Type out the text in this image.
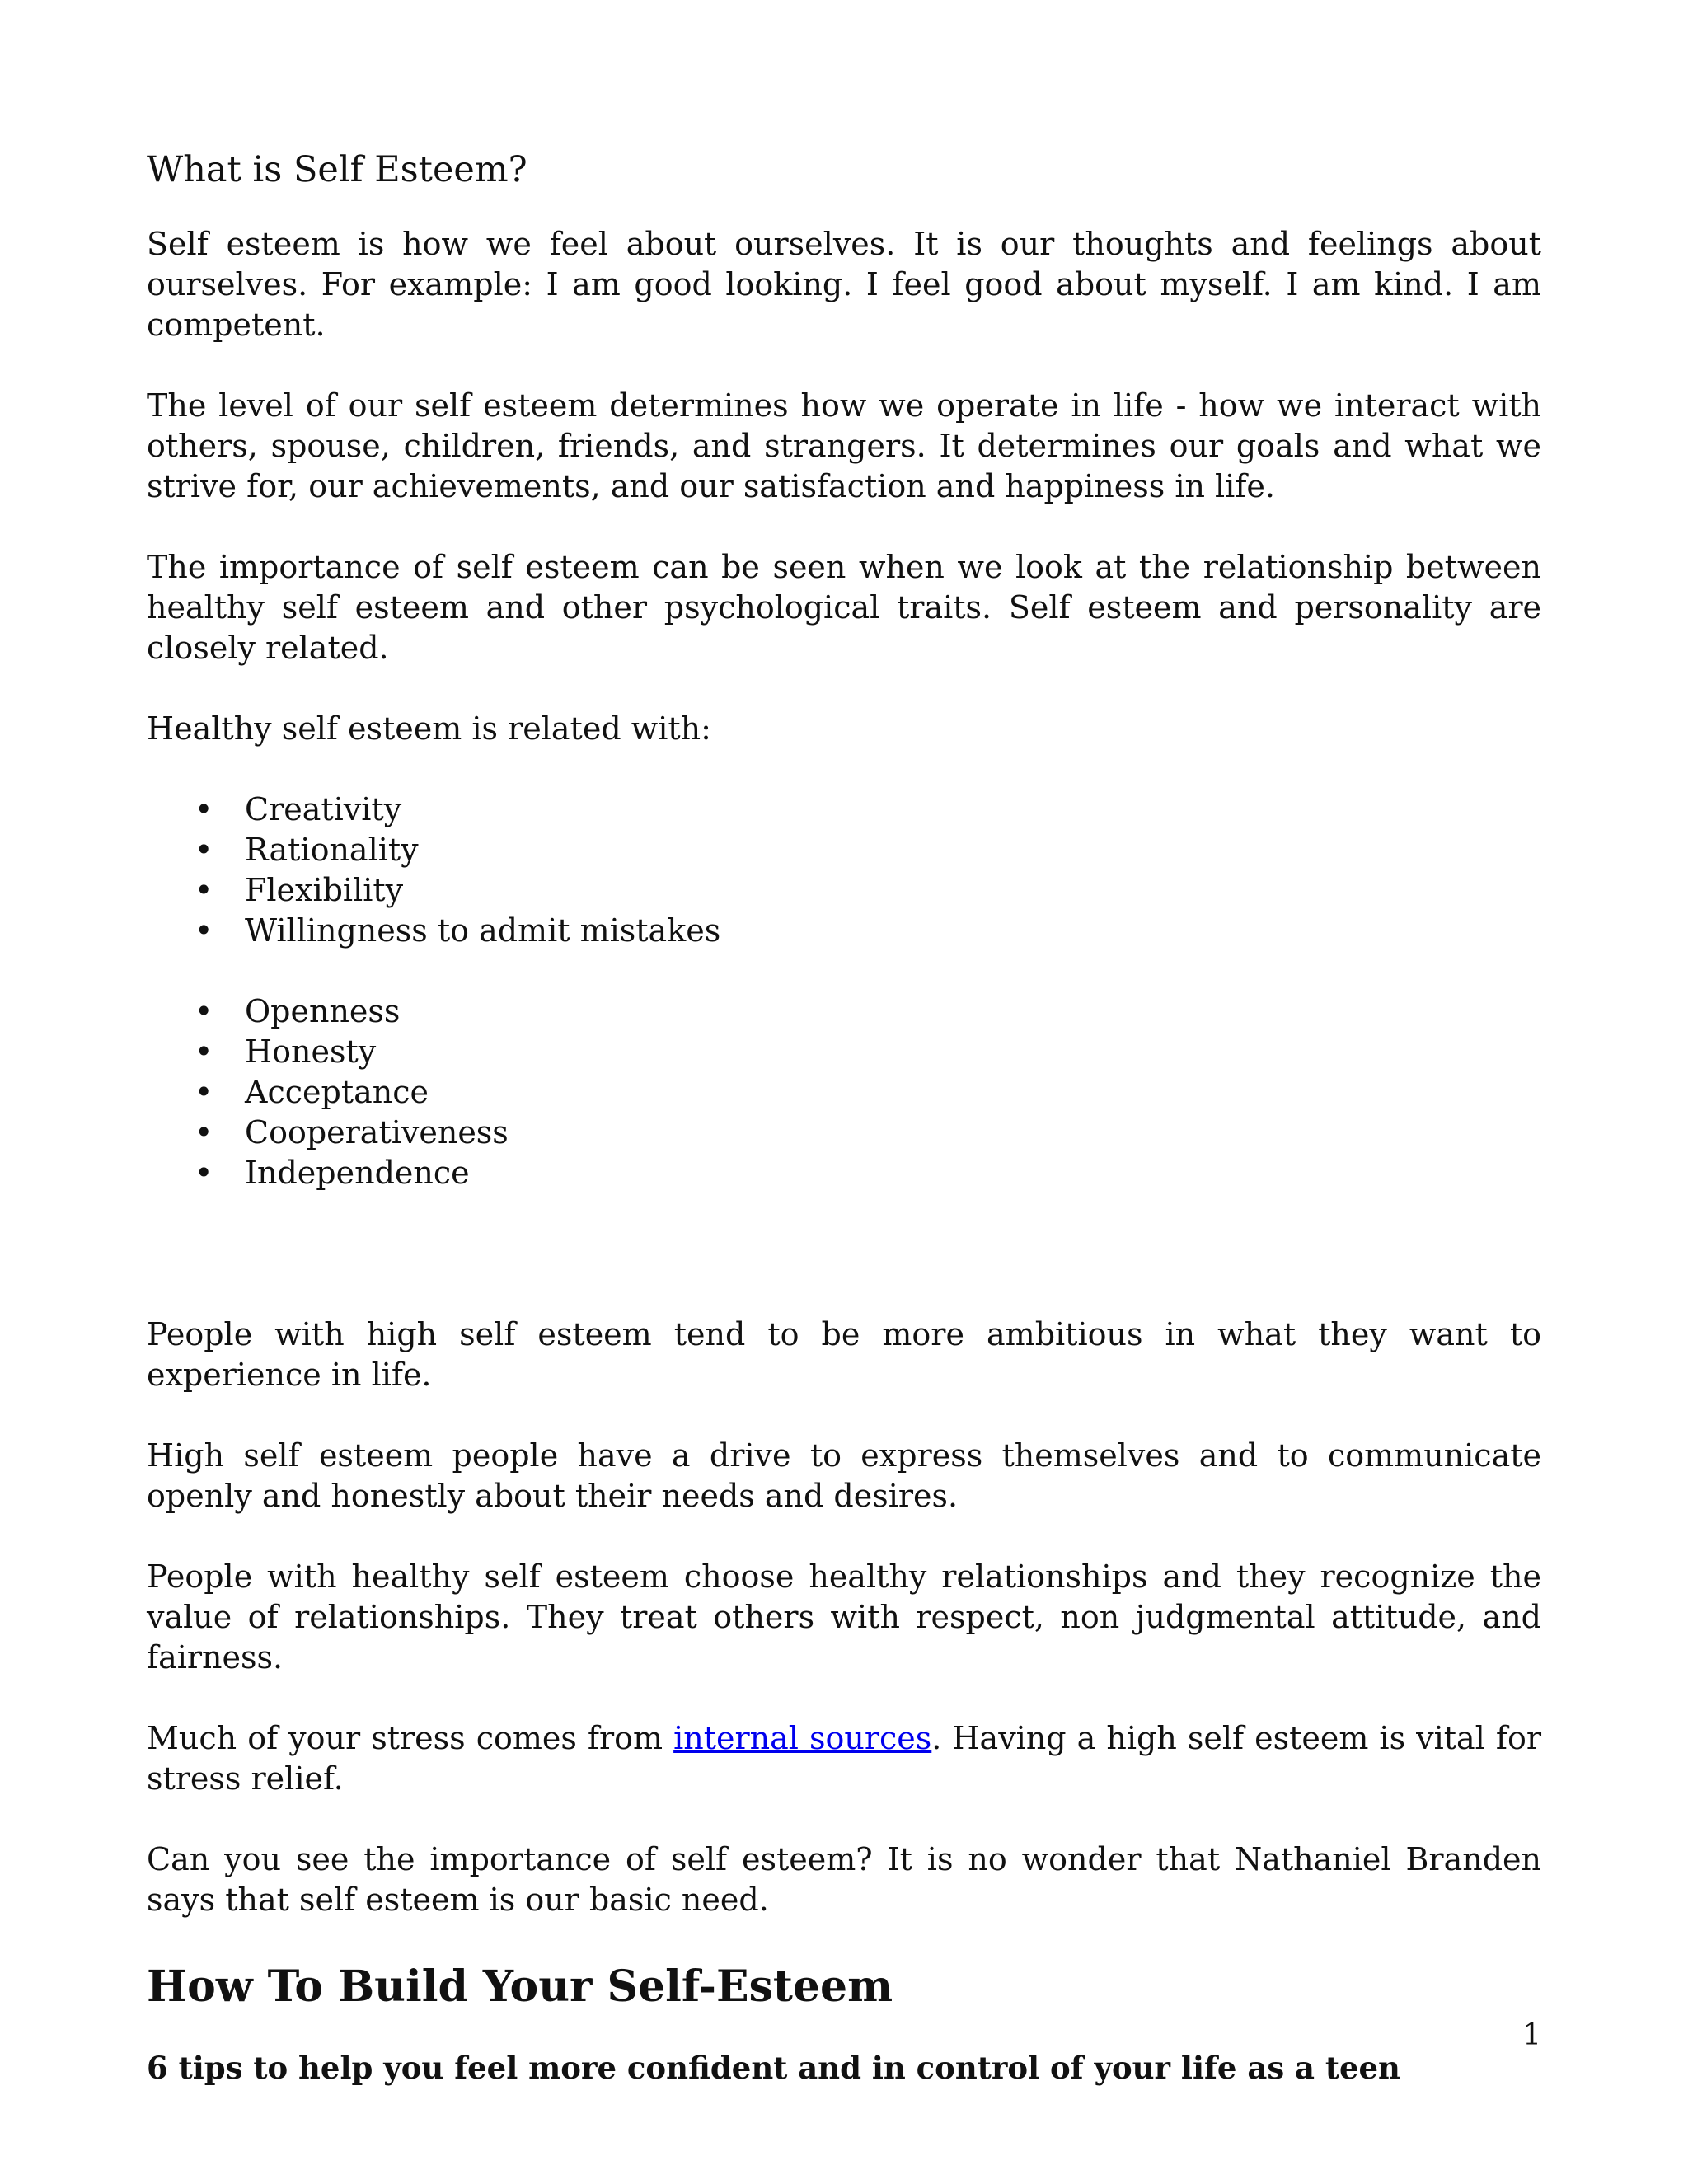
What is Self Esteem?

Self esteem is how we feel about ourselves. It is our thoughts and feelings about ourselves. For example: I am good looking. I feel good about myself. I am kind. I am competent.

The level of our self esteem determines how we operate in life - how we interact with others, spouse, children, friends, and strangers. It determines our goals and what we strive for, our achievements, and our satisfaction and happiness in life.

The importance of self esteem can be seen when we look at the relationship between healthy self esteem and other psychological traits. Self esteem and personality are closely related.

Healthy self esteem is related with:

• Creativity
• Rationality
• Flexibility
• Willingness to admit mistakes
• Openness
• Honesty
• Acceptance
• Cooperativeness
• Independence

People with high self esteem tend to be more ambitious in what they want to experience in life.

High self esteem people have a drive to express themselves and to communicate openly and honestly about their needs and desires.

People with healthy self esteem choose healthy relationships and they recognize the value of relationships. They treat others with respect, non judgmental attitude, and fairness.

Much of your stress comes from internal sources. Having a high self esteem is vital for stress relief.

Can you see the importance of self esteem? It is no wonder that Nathaniel Branden says that self esteem is our basic need.

How To Build Your Self-Esteem

6 tips to help you feel more confident and in control of your life as a teen

1
